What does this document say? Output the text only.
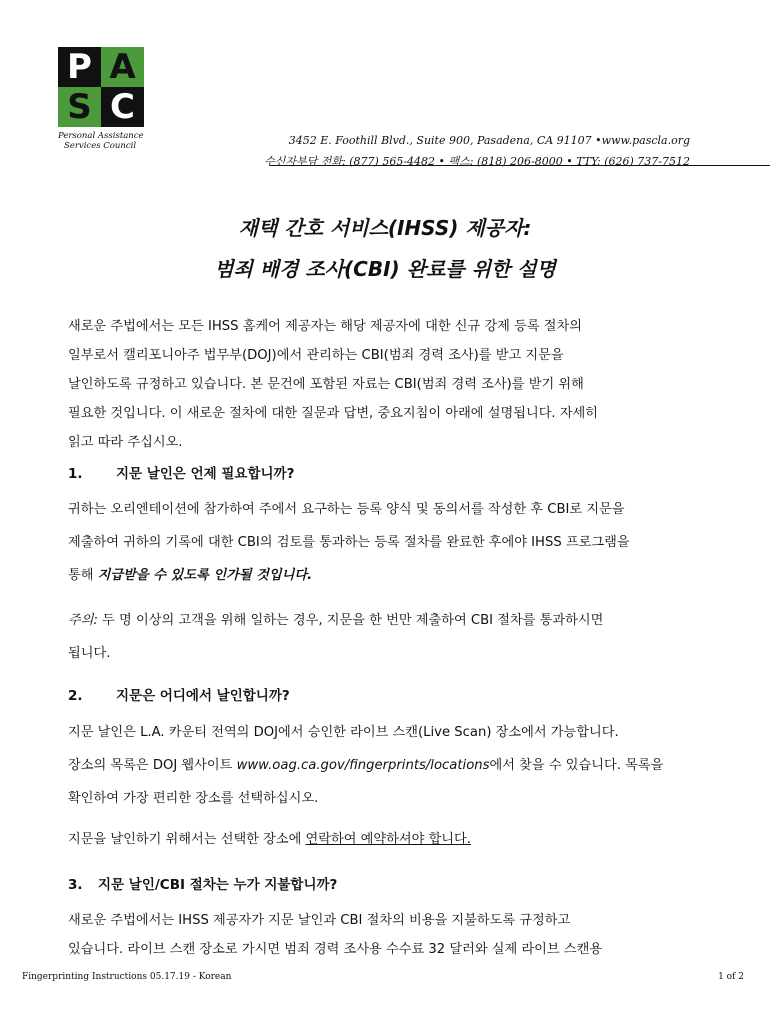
P A
S C
Personal Assistance
Services Council	3452 E. Foothill Blvd., Suite 900, Pasadena, CA 91107 •www.pascla.org
수신자부담 전화: (877) 565-4482 • 팩스: (818) 206-8000 • TTY: (626) 737-7512
재택 간호 서비스(IHSS) 제공자:
범죄 배경 조사(CBI) 완료를 위한 설명
새로운 주법에서는 모든 IHSS 홈케어 제공자는 해당 제공자에 대한 신규 강제 등록 절차의
일부로서 캘리포니아주 법무부(DOJ)에서 관리하는 CBI(범죄 경력 조사)를 받고 지문을
날인하도록 규정하고 있습니다. 본 문건에 포함된 자료는 CBI(범죄 경력 조사)를 받기 위해
필요한 것입니다. 이 새로운 절차에 대한 질문과 답변, 중요지침이 아래에 설명됩니다. 자세히
읽고 따라 주십시오.
1. 지문 날인은 언제 필요합니까?
귀하는 오리엔테이션에 참가하여 주에서 요구하는 등록 양식 및 동의서를 작성한 후 CBI로 지문을
제출하여 귀하의 기록에 대한 CBI의 검토를 통과하는 등록 절차를 완료한 후에야 IHSS 프로그램을
통해 지급받을 수 있도록 인가될 것입니다.
주의: 두 명 이상의 고객을 위해 일하는 경우, 지문을 한 번만 제출하여 CBI 절차를 통과하시면
됩니다.
2. 지문은 어디에서 날인합니까?
지문 날인은 L.A. 카운티 전역의 DOJ에서 승인한 라이브 스캔(Live Scan) 장소에서 가능합니다.
장소의 목록은 DOJ 웹사이트 www.oag.ca.gov/fingerprints/locations에서 찾을 수 있습니다. 목록을
확인하여 가장 편리한 장소를 선택하십시오.
지문을 날인하기 위해서는 선택한 장소에 연락하여 예약하셔야 합니다.
3. 지문 날인/CBI 절차는 누가 지불합니까?
새로운 주법에서는 IHSS 제공자가 지문 날인과 CBI 절차의 비용을 지불하도록 규정하고
있습니다. 라이브 스캔 장소로 가시면 범죄 경력 조사용 수수료 32 달러와 실제 라이브 스캔용
Fingerprinting Instructions 05.17.19 - Korean	1 of 2
